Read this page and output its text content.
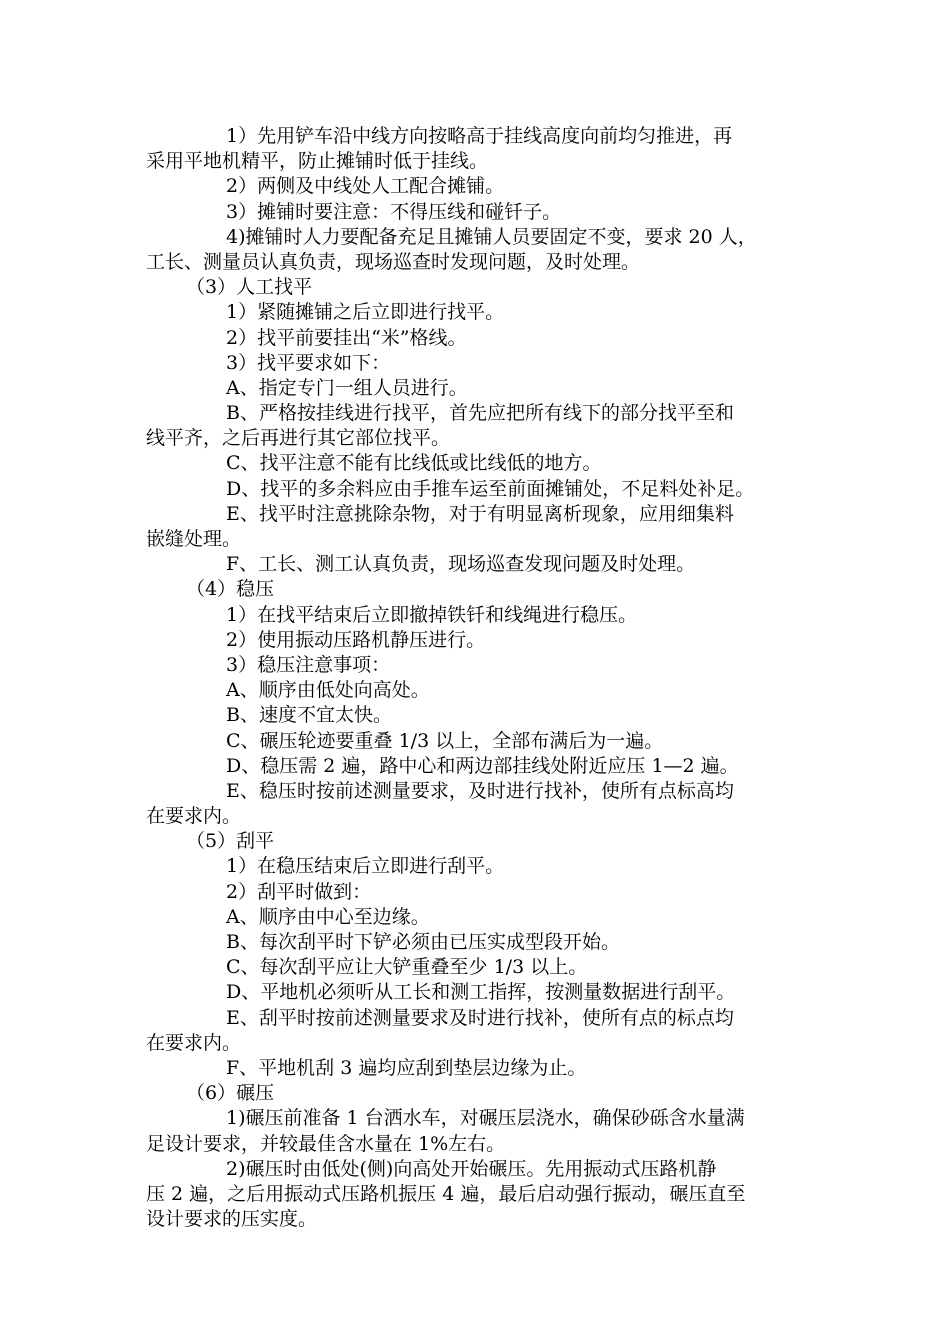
1）先用铲车沿中线方向按略高于挂线高度向前均匀推进，再
采用平地机精平，防止摊铺时低于挂线。
2）两侧及中线处人工配合摊铺。
3）摊铺时要注意：不得压线和碰钎子。
4)摊铺时人力要配备充足且摊铺人员要固定不变，要求 20 人，
工长、测量员认真负责，现场巡查时发现问题，及时处理。
（3）人工找平
1）紧随摊铺之后立即进行找平。
2）找平前要挂出“米”格线。
3）找平要求如下：
A、指定专门一组人员进行。
B、严格按挂线进行找平，首先应把所有线下的部分找平至和
线平齐，之后再进行其它部位找平。
C、找平注意不能有比线低或比线低的地方。
D、找平的多余料应由手推车运至前面摊铺处，不足料处补足。
E、找平时注意挑除杂物，对于有明显离析现象，应用细集料
嵌缝处理。
F、工长、测工认真负责，现场巡查发现问题及时处理。
（4）稳压
1）在找平结束后立即撤掉铁钎和线绳进行稳压。
2）使用振动压路机静压进行。
3）稳压注意事项：
A、顺序由低处向高处。
B、速度不宜太快。
C、碾压轮迹要重叠 1/3 以上，全部布满后为一遍。
D、稳压需 2 遍，路中心和两边部挂线处附近应压 1—2 遍。
E、稳压时按前述测量要求，及时进行找补，使所有点标高均
在要求内。
（5）刮平
1）在稳压结束后立即进行刮平。
2）刮平时做到：
A、顺序由中心至边缘。
B、每次刮平时下铲必须由已压实成型段开始。
C、每次刮平应让大铲重叠至少 1/3 以上。
D、平地机必须听从工长和测工指挥，按测量数据进行刮平。
E、刮平时按前述测量要求及时进行找补，使所有点的标点均
在要求内。
F、平地机刮 3 遍均应刮到垫层边缘为止。
（6）碾压
1)碾压前准备 1 台洒水车，对碾压层浇水，确保砂砾含水量满
足设计要求，并较最佳含水量在 1%左右。
2)碾压时由低处(侧)向高处开始碾压。先用振动式压路机静
压 2 遍，之后用振动式压路机振压 4 遍，最后启动强行振动，碾压直至
设计要求的压实度。
